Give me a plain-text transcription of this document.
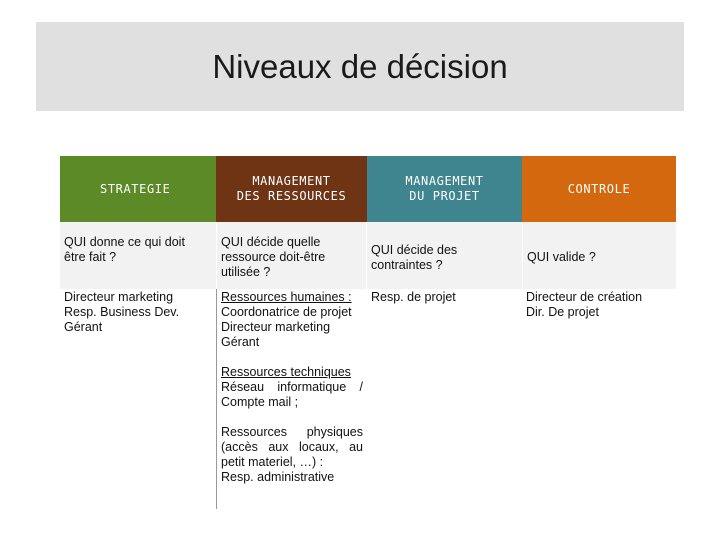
Niveaux de décision
STRATEGIE
MANAGEMENT
DES RESSOURCES
MANAGEMENT
DU PROJET
CONTROLE
QUI donne ce qui doit
être fait ?
QUI décide quelle
ressource doit-être
utilisée ?
QUI décide des
contraintes ?
QUI valide ?

Directeur marketing

Resp. Business Dev.

Gérant

Ressources humaines :

Coordonatrice de projet

Directeur marketing

Gérant

Ressources techniques

Réseau informatique /

Compte mail ;

Ressources physiques

(accès aux locaux, au

petit materiel, …) :

Resp. administrative

Resp. de projet	Directeur de création

Dir. De projet
